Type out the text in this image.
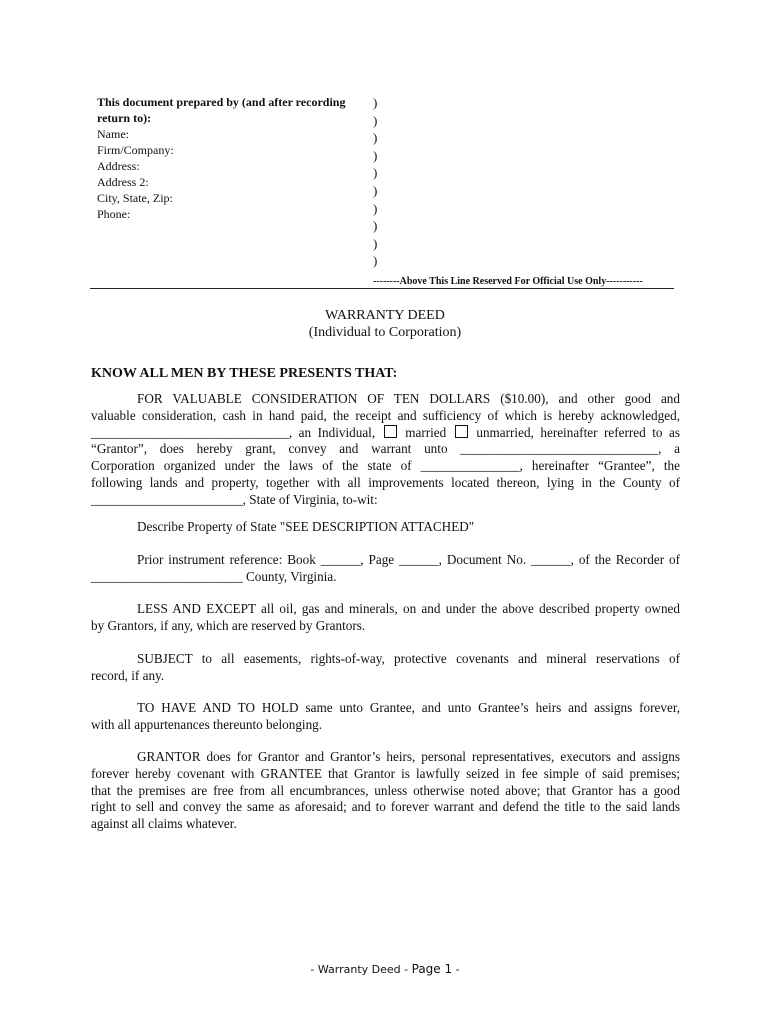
This document prepared by (and after recording
return to):
Name:
Firm/Company:
Address:
Address 2:
City, State, Zip:
Phone:
)
)
)
)
)
)
)
)
)
)
--------Above This Line Reserved For Official Use Only-----------
WARRANTY DEED
(Individual to Corporation)
KNOW ALL MEN BY THESE PRESENTS THAT:
FOR VALUABLE CONSIDERATION OF TEN DOLLARS ($10.00), and other good and
valuable consideration, cash in hand paid, the receipt and sufficiency of which is hereby acknowledged,
______________________________, an Individual, married unmarried, hereinafter referred to as
“Grantor”, does hereby grant, convey and warrant unto ______________________________, a
Corporation organized under the laws of the state of _______________, hereinafter “Grantee”, the
following lands and property, together with all improvements located thereon, lying in the County of
_______________________, State of Virginia, to-wit:
Describe Property of State "SEE DESCRIPTION ATTACHED"
Prior instrument reference: Book ______, Page ______, Document No. ______, of the Recorder of
_______________________ County, Virginia.
LESS AND EXCEPT all oil, gas and minerals, on and under the above described property owned
by Grantors, if any, which are reserved by Grantors.
SUBJECT to all easements, rights-of-way, protective covenants and mineral reservations of
record, if any.
TO HAVE AND TO HOLD same unto Grantee, and unto Grantee’s heirs and assigns forever,
with all appurtenances thereunto belonging.
GRANTOR does for Grantor and Grantor’s heirs, personal representatives, executors and assigns
forever hereby covenant with GRANTEE that Grantor is lawfully seized in fee simple of said premises;
that the premises are free from all encumbrances, unless otherwise noted above; that Grantor has a good
right to sell and convey the same as aforesaid; and to forever warrant and defend the title to the said lands
against all claims whatever.
- Warranty Deed - Page 1 -
